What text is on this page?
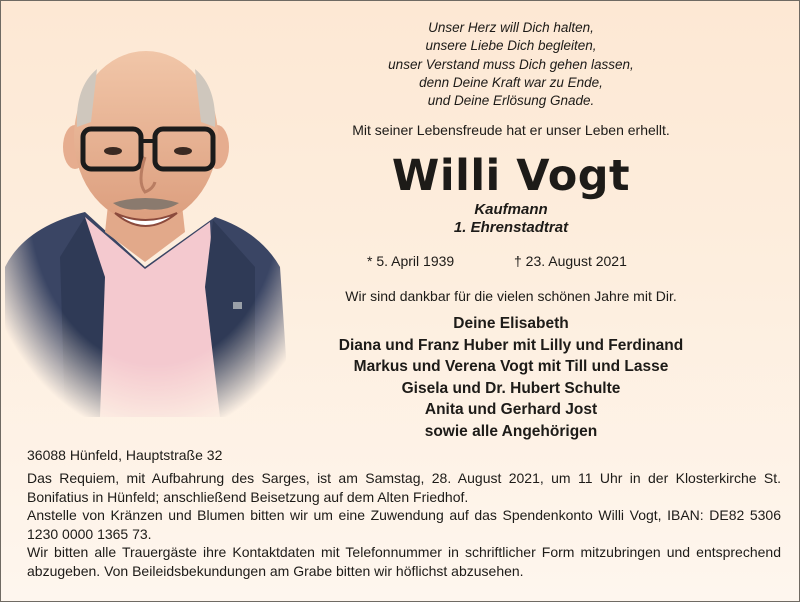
Unser Herz will Dich halten,
unsere Liebe Dich begleiten,
unser Verstand muss Dich gehen lassen,
denn Deine Kraft war zu Ende,
und Deine Erlösung Gnade.
Mit seiner Lebensfreude hat er unser Leben erhellt.
Willi Vogt
Kaufmann
1. Ehrenstadtrat
* 5. April 1939	† 23. August 2021
Wir sind dankbar für die vielen schönen Jahre mit Dir.
Deine Elisabeth
Diana und Franz Huber mit Lilly und Ferdinand
Markus und Verena Vogt mit Till und Lasse
Gisela und Dr. Hubert Schulte
Anita und Gerhard Jost
sowie alle Angehörigen
36088 Hünfeld, Hauptstraße 32

Das Requiem, mit Aufbahrung des Sarges, ist am Samstag, 28. August 2021, um 11 Uhr in der Klosterkirche St. Bonifatius in Hünfeld; anschließend Beisetzung auf dem Alten Friedhof.

Anstelle von Kränzen und Blumen bitten wir um eine Zuwendung auf das Spendenkonto Willi Vogt, IBAN: DE82 5306 1230 0000 1365 73.

Wir bitten alle Trauergäste ihre Kontaktdaten mit Telefonnummer in schriftlicher Form mitzubringen und entsprechend abzugeben. Von Beileidsbekundungen am Grabe bitten wir höflichst abzusehen.
